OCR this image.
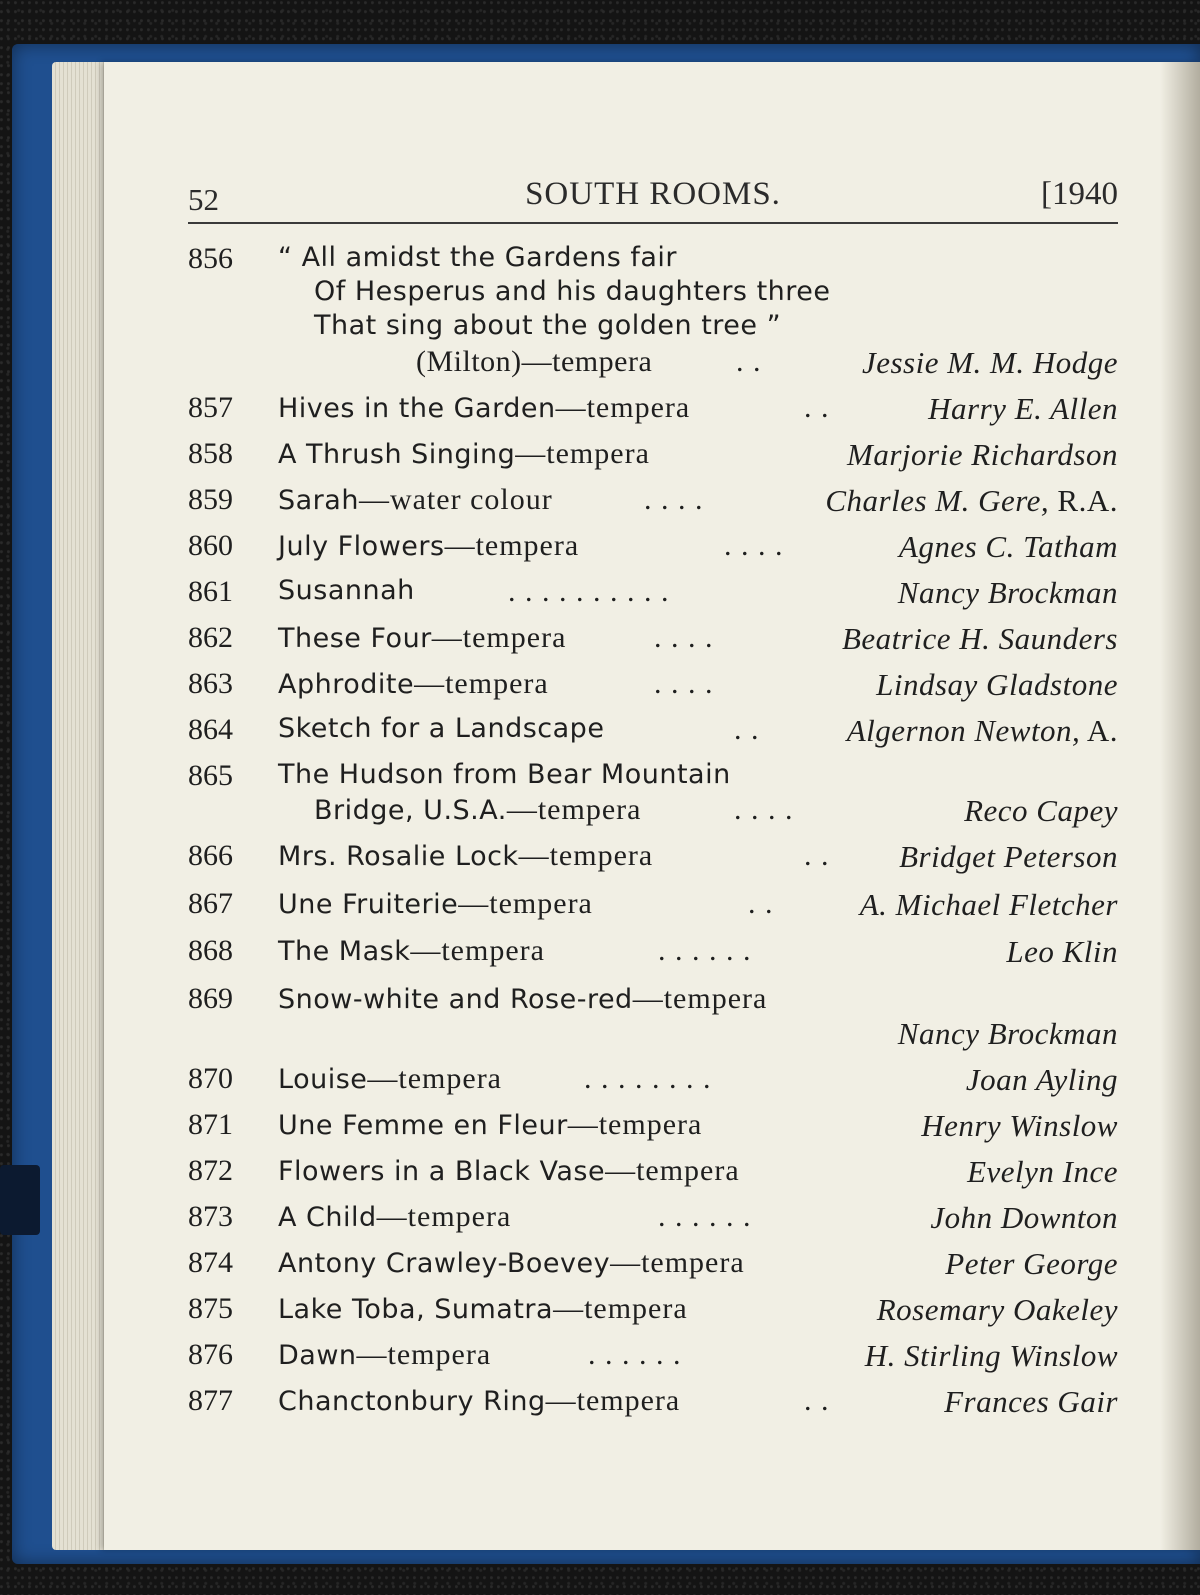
52	SOUTH ROOMS.	[1940
856 “ All amidst the Gardens fair
Of Hesperus and his daughters three
That sing about the golden tree ”
(Milton)—tempera	. .	Jessie M. M. Hodge
857 Hives in the Garden—tempera	. .	Harry E. Allen
858 A Thrush Singing—tempera	Marjorie Richardson
859 Sarah—water colour	. . . .	Charles M. Gere, R.A.
860 July Flowers—tempera	. . . .	Agnes C. Tatham
861 Susannah	. . . . . . . . . .	Nancy Brockman
862 These Four—tempera	. . . .	Beatrice H. Saunders
863 Aphrodite—tempera	. . . .	Lindsay Gladstone
864 Sketch for a Landscape	. .	Algernon Newton, A.
865 The Hudson from Bear Mountain
Bridge, U.S.A.—tempera	. . . .	Reco Capey
866 Mrs. Rosalie Lock—tempera	. . Bridget Peterson
867 Une Fruiterie—tempera	. .	A. Michael Fletcher
868 The Mask—tempera	. . . . . .	Leo Klin
869 Snow-white and Rose-red—tempera
Nancy Brockman
870 Louise—tempera	. . . . . . . .	Joan Ayling
871 Une Femme en Fleur—tempera	Henry Winslow
872 Flowers in a Black Vase—tempera	Evelyn Ince
873 A Child—tempera	. . . . . .	John Downton
874 Antony Crawley-Boevey—tempera	Peter George
875 Lake Toba, Sumatra—tempera	Rosemary Oakeley
876 Dawn—tempera	. . . . . .	H. Stirling Winslow
877 Chanctonbury Ring—tempera	. .	Frances Gair
